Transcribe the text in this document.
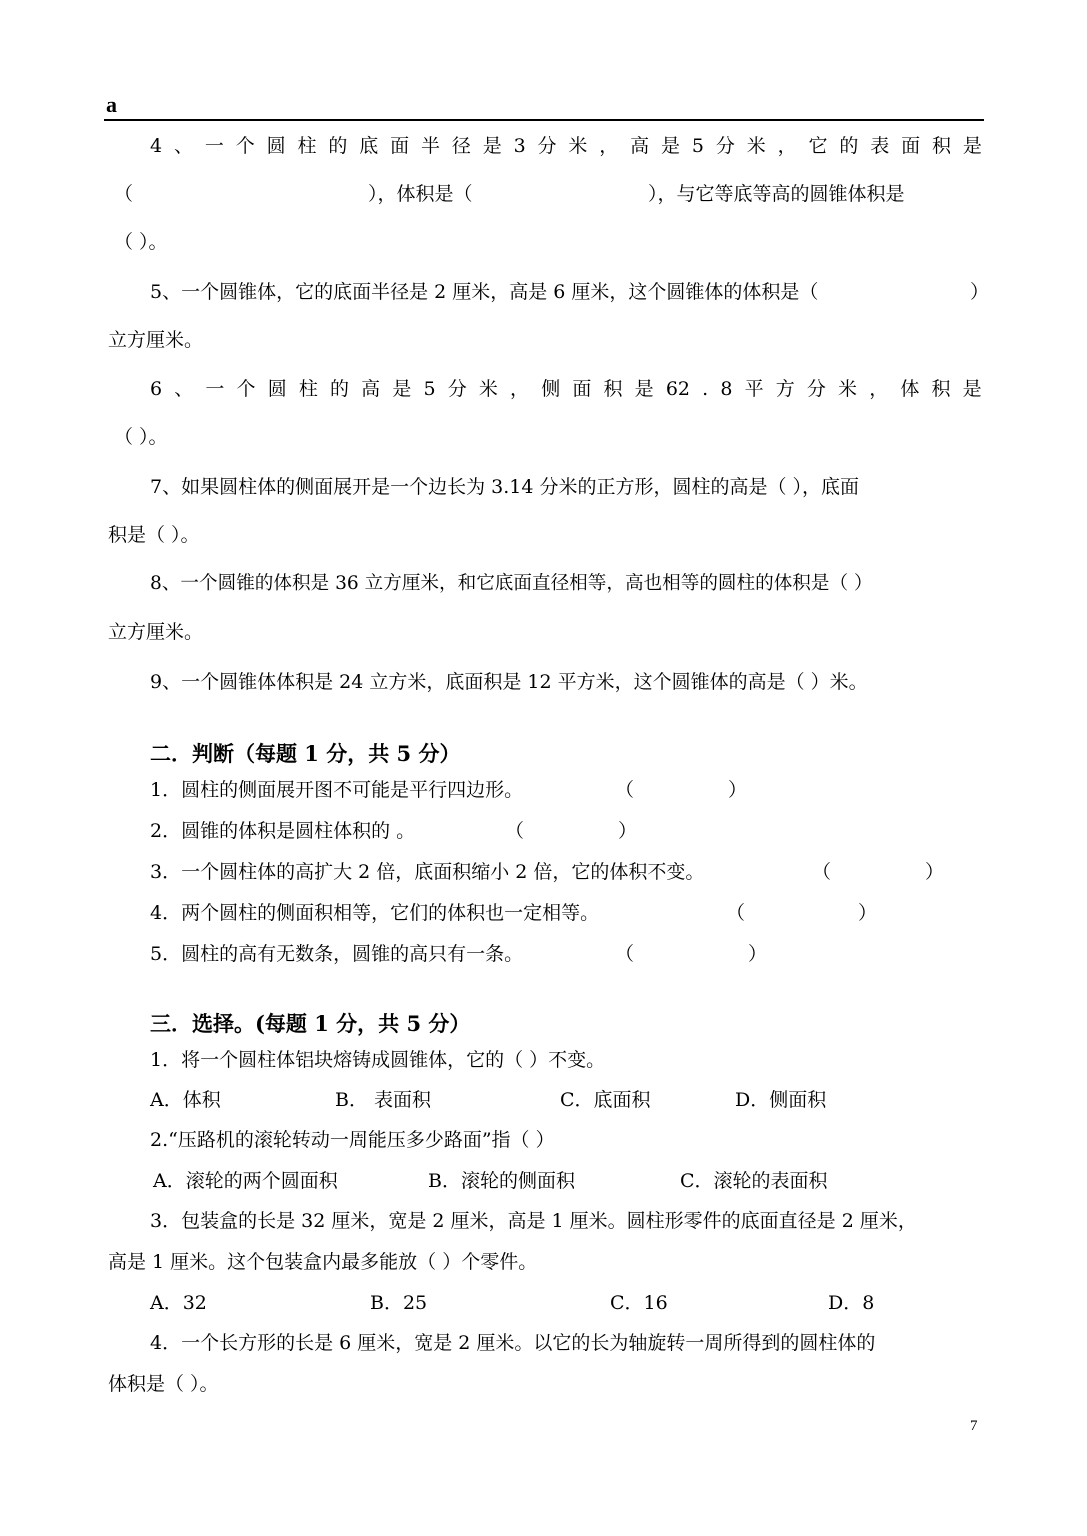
a
4 、 一 个 圆 柱 的 底 面 半 径 是 3 分 米 ， 高 是 5 分 米 ， 它 的 表 面 积 是
（	），体积是（	），与它等底等高的圆锥体积是
（ ）。
5、一个圆锥体，它的底面半径是 2 厘米，高是 6 厘米，这个圆锥体的体积是（	）
立方厘米。
6 、 一 个 圆 柱 的 高 是 5 分 米 ， 侧 面 积 是 62 . 8 平 方 分 米 ， 体 积 是
（ ）。
7、如果圆柱体的侧面展开是一个边长为 3.14 分米的正方形，圆柱的高是（ ），底面
积是（ ）。
8、一个圆锥的体积是 36 立方厘米，和它底面直径相等，高也相等的圆柱的体积是（ ）
立方厘米。
9、一个圆锥体体积是 24 立方米，底面积是 12 平方米，这个圆锥体的高是（ ）米。
二．判断（每题 1 分，共 5 分）
1．圆柱的侧面展开图不可能是平行四边形。	（	）
2．圆锥的体积是圆柱体积的 。	（	）
3．一个圆柱体的高扩大 2 倍，底面积缩小 2 倍，它的体积不变。	（	）
4．两个圆柱的侧面积相等，它们的体积也一定相等。	（	）
5．圆柱的高有无数条，圆锥的高只有一条。	（	）
三．选择。(每题 1 分，共 5 分）
1．将一个圆柱体铝块熔铸成圆锥体，它的（ ）不变。
A．体积	B． 表面积	C．底面积	D．侧面积
2.“压路机的滚轮转动一周能压多少路面”指（ ）
A．滚轮的两个圆面积	B．滚轮的侧面积	C．滚轮的表面积
3．包装盒的长是 32 厘米，宽是 2 厘米，高是 1 厘米。圆柱形零件的底面直径是 2 厘米，
高是 1 厘米。这个包装盒内最多能放（ ）个零件。
A．32	B．25	C．16	D．8
4．一个长方形的长是 6 厘米，宽是 2 厘米。以它的长为轴旋转一周所得到的圆柱体的
体积是（ ）。
7
